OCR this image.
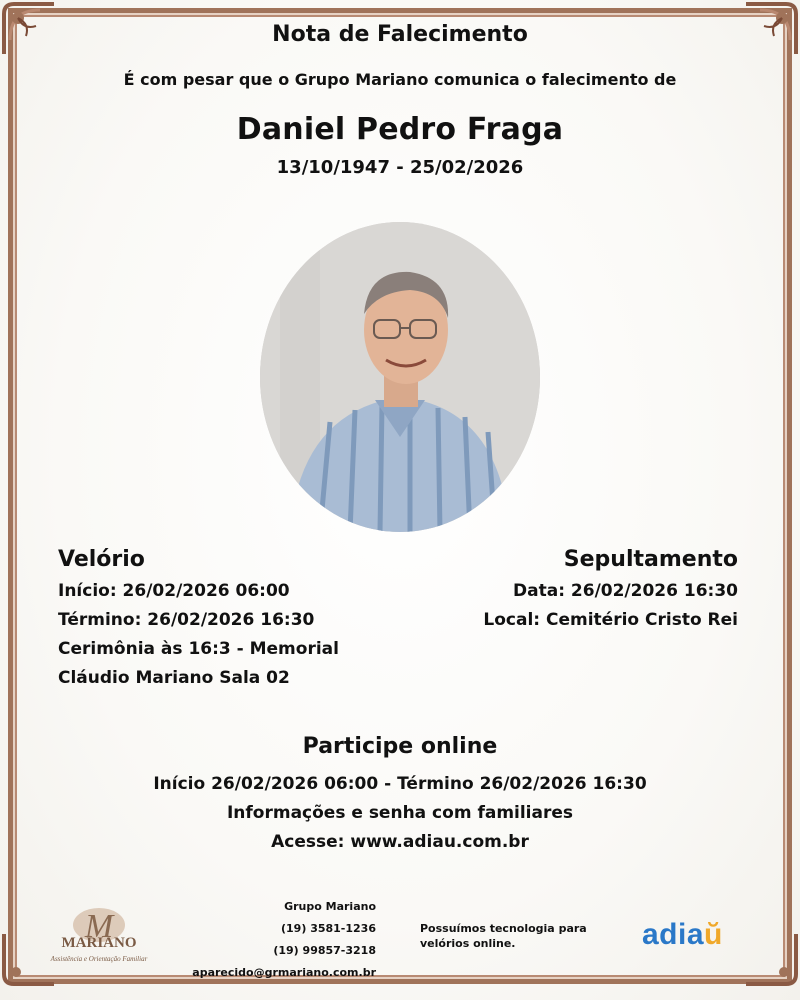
Nota de Falecimento
É com pesar que o Grupo Mariano comunica o falecimento de
Daniel Pedro Fraga
13/10/1947 - 25/02/2026
Velório
Início: 26/02/2026 06:00
Término: 26/02/2026 16:30
Cerimônia às 16:3 - Memorial
Cláudio Mariano Sala 02
Sepultamento
Data: 26/02/2026 16:30
Local: Cemitério Cristo Rei
Participe online
Início 26/02/2026 06:00 - Término 26/02/2026 16:30
Informações e senha com familiares
Acesse: www.adiau.com.br
M
MARIANO
Assistência e Orientação Familiar
Grupo Mariano
(19) 3581-1236
(19) 99857-3218
aparecido@grmariano.com.br
Possuímos tecnologia para velórios online.	adiaŭ
